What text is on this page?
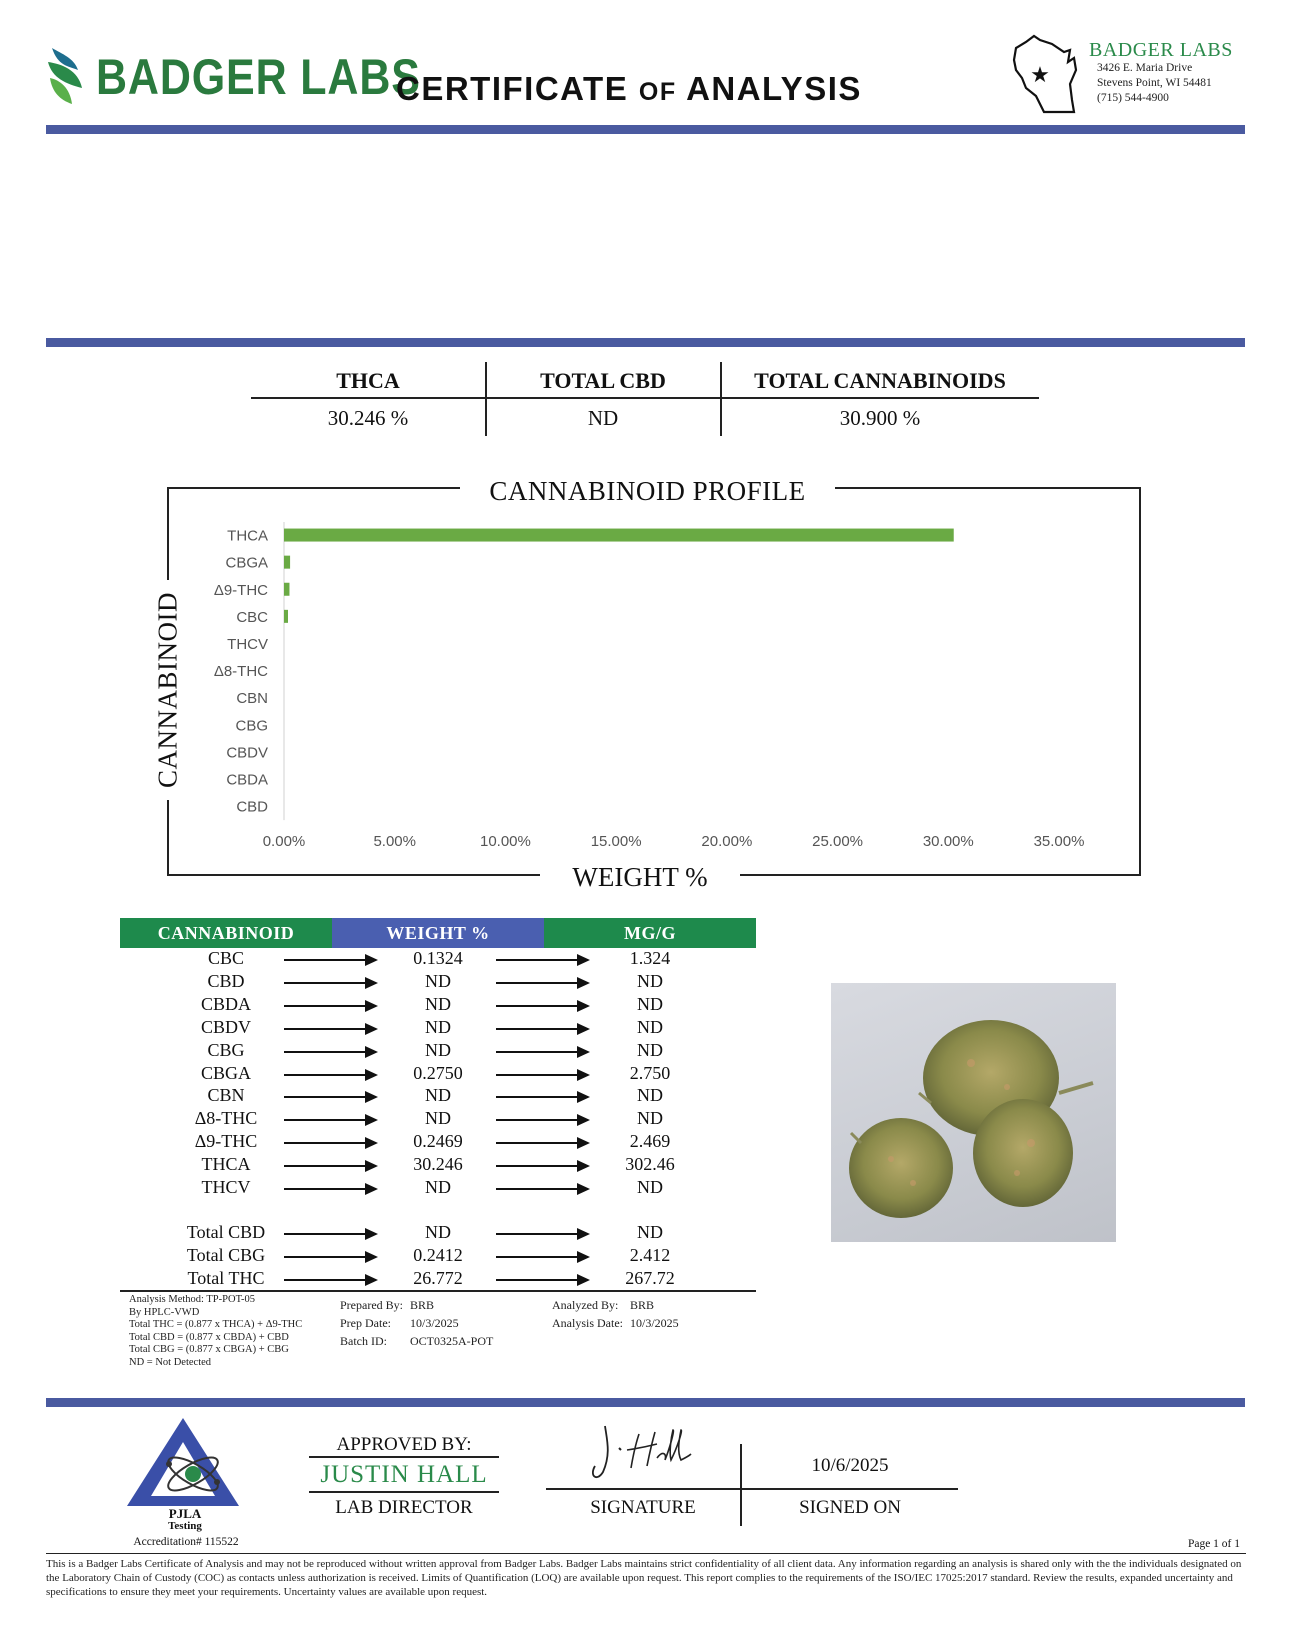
BADGER LABS
CERTIFICATE OF ANALYSIS	★
BADGER LABS
3426 E. Maria Drive
Stevens Point, WI 54481
(715) 544-4900
THCA	TOTAL CBD	TOTAL CANNABINOIDS
30.246 %	ND	30.900 %
CANNABINOID PROFILE
WEIGHT %
CANNABINOID
THCA
CBGA
Δ9-THC
CBC
THCV
Δ8-THC
CBN
CBG
CBDV
CBDA
CBD
0.00%	5.00%	10.00%	15.00%	20.00%	25.00%	30.00%	35.00%
CANNABINOID	WEIGHT %	MG/G
CBC	0.1324	1.324
CBD	ND	ND
CBDA	ND	ND
CBDV	ND	ND
CBG	ND	ND
CBGA	0.2750	2.750
CBN	ND	ND
Δ8-THC	ND	ND
Δ9-THC	0.2469	2.469
THCA	30.246	302.46
THCV	ND	ND
Total CBD	ND	ND
Total CBG	0.2412	2.412
Total THC	26.772	267.72
Analysis Method: TP-POT-05
By HPLC-VWD
Total THC = (0.877 x THCA) + Δ9-THC
Total CBD = (0.877 x CBDA) + CBD
Total CBG = (0.877 x CBGA) + CBG
ND = Not Detected
Prepared By: BRB
Prep Date: 10/3/2025
Batch ID: OCT0325A-POT
Analyzed By: BRB
Analysis Date: 10/3/2025
PJLA
Testing
Accreditation# 115522
APPROVED BY:
JUSTIN HALL
LAB DIRECTOR	SIGNATURE
10/6/2025
SIGNED ON
Page 1 of 1
This is a Badger Labs Certificate of Analysis and may not be reproduced without written approval from Badger Labs. Badger Labs maintains strict confidentiality of all client data. Any information regarding an analysis is shared only with the the individuals designated on the Laboratory Chain of Custody (COC) as contacts unless authorization is received. Limits of Quantification (LOQ) are available upon request. This report complies to the requirements of the ISO/IEC 17025:2017 standard. Review the results, expanded uncertainty and specifications to ensure they meet your requirements. Uncertainty values are available upon request.
